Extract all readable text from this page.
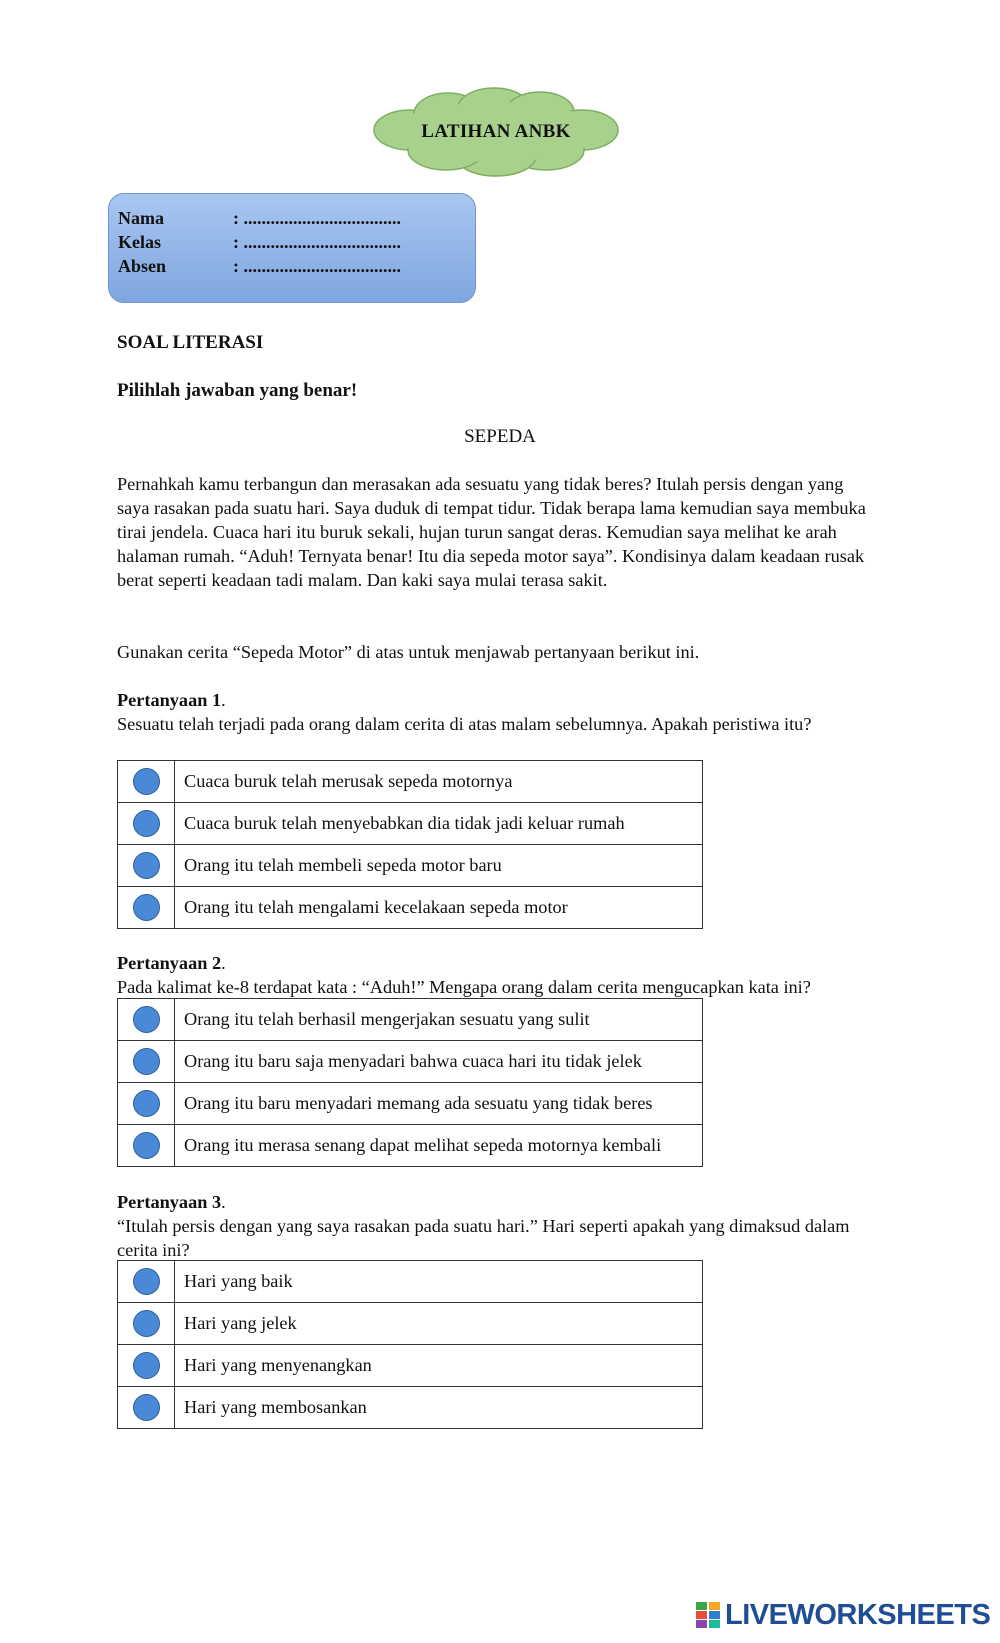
LATIHAN ANBK
Nama	: ...................................
Kelas	: ...................................
Absen	: ...................................
SOAL LITERASI
Pilihlah jawaban yang benar!
SEPEDA
Pernahkah kamu terbangun dan merasakan ada sesuatu yang tidak beres? Itulah persis dengan yang saya rasakan pada suatu hari. Saya duduk di tempat tidur. Tidak berapa lama kemudian saya membuka tirai jendela. Cuaca hari itu buruk sekali, hujan turun sangat deras. Kemudian saya melihat ke arah halaman rumah. “Aduh! Ternyata benar! Itu dia sepeda motor saya”. Kondisinya dalam keadaan rusak berat seperti keadaan tadi malam. Dan kaki saya mulai terasa sakit.
Gunakan cerita “Sepeda Motor” di atas untuk menjawab pertanyaan berikut ini.
Pertanyaan 1.
Sesuatu telah terjadi pada orang dalam cerita di atas malam sebelumnya. Apakah peristiwa itu?
	Cuaca buruk telah merusak sepeda motornya
	Cuaca buruk telah menyebabkan dia tidak jadi keluar rumah
	Orang itu telah membeli sepeda motor baru
	Orang itu telah mengalami kecelakaan sepeda motor
Pertanyaan 2.
Pada kalimat ke-8 terdapat kata : “Aduh!” Mengapa orang dalam cerita mengucapkan kata ini?
	Orang itu telah berhasil mengerjakan sesuatu yang sulit
	Orang itu baru saja menyadari bahwa cuaca hari itu tidak jelek
	Orang itu baru menyadari memang ada sesuatu yang tidak beres
	Orang itu merasa senang dapat melihat sepeda motornya kembali
Pertanyaan 3.
“Itulah persis dengan yang saya rasakan pada suatu hari.” Hari seperti apakah yang dimaksud dalam cerita ini?
	Hari yang baik
	Hari yang jelek
	Hari yang menyenangkan
	Hari yang membosankan
LIVEWORKSHEETS
